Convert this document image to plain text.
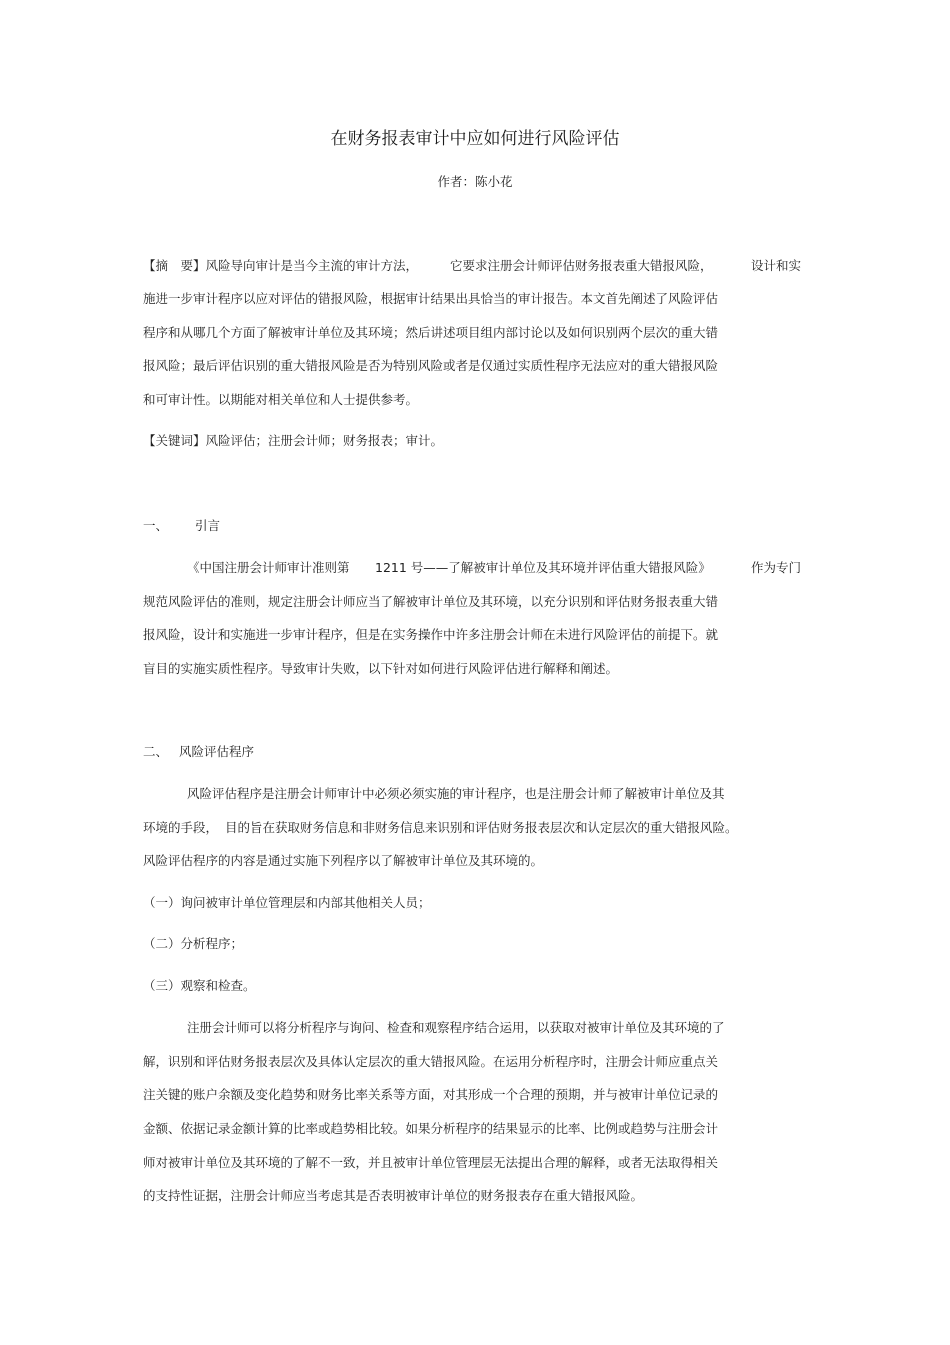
在财务报表审计中应如何进行风险评估
作者：陈小花
【摘　要】风险导向审计是当今主流的审计方法，	它要求注册会计师评估财务报表重大错报风险，	设计和实
施进一步审计程序以应对评估的错报风险，根据审计结果出具恰当的审计报告。本文首先阐述了风险评估
程序和从哪几个方面了解被审计单位及其环境；然后讲述项目组内部讨论以及如何识别两个层次的重大错
报风险；最后评估识别的重大错报风险是否为特别风险或者是仅通过实质性程序无法应对的重大错报风险
和可审计性。以期能对相关单位和人士提供参考。
【关键词】风险评估；注册会计师；财务报表；审计。
一、 引言
《中国注册会计师审计准则第 1211 号——了解被审计单位及其环境并评估重大错报风险》	作为专门
规范风险评估的准则，规定注册会计师应当了解被审计单位及其环境，以充分识别和评估财务报表重大错
报风险，设计和实施进一步审计程序，但是在实务操作中许多注册会计师在未进行风险评估的前提下。就
盲目的实施实质性程序。导致审计失败，以下针对如何进行风险评估进行解释和阐述。
二、 风险评估程序
风险评估程序是注册会计师审计中必须必须实施的审计程序，也是注册会计师了解被审计单位及其
环境的手段， 目的旨在获取财务信息和非财务信息来识别和评估财务报表层次和认定层次的重大错报风险。
风险评估程序的内容是通过实施下列程序以了解被审计单位及其环境的。
（一）询问被审计单位管理层和内部其他相关人员；
（二）分析程序；
（三）观察和检查。
注册会计师可以将分析程序与询问、检查和观察程序结合运用，以获取对被审计单位及其环境的了
解，识别和评估财务报表层次及具体认定层次的重大错报风险。在运用分析程序时，注册会计师应重点关
注关键的账户余额及变化趋势和财务比率关系等方面，对其形成一个合理的预期，并与被审计单位记录的
金额、依据记录金额计算的比率或趋势相比较。如果分析程序的结果显示的比率、比例或趋势与注册会计
师对被审计单位及其环境的了解不一致，并且被审计单位管理层无法提出合理的解释，或者无法取得相关
的支持性证据，注册会计师应当考虑其是否表明被审计单位的财务报表存在重大错报风险。
